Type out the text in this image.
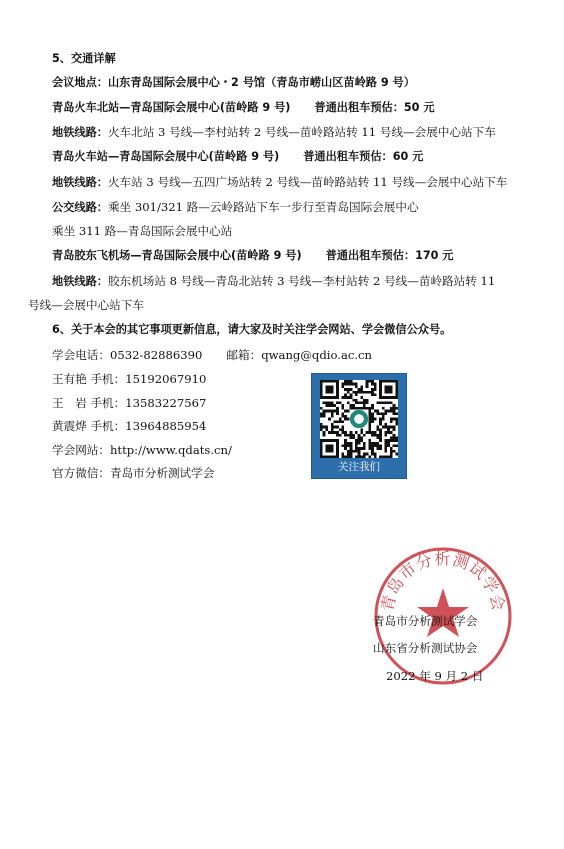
5、交通详解
会议地点：山东青岛国际会展中心・2 号馆（青岛市崂山区苗岭路 9 号）
青岛火车北站—青岛国际会展中心(苗岭路 9 号) 普通出租车预估：50 元
地铁线路：火车北站 3 号线—李村站转 2 号线—苗岭路站转 11 号线—会展中心站下车
青岛火车站—青岛国际会展中心(苗岭路 9 号) 普通出租车预估：60 元
地铁线路：火车站 3 号线—五四广场站转 2 号线—苗岭路站转 11 号线—会展中心站下车
公交线路：乘坐 301/321 路—云岭路站下车一步行至青岛国际会展中心
乘坐 311 路—青岛国际会展中心站
青岛胶东飞机场—青岛国际会展中心(苗岭路 9 号) 普通出租车预估：170 元
地铁线路：胶东机场站 8 号线—青岛北站转 3 号线—李村站转 2 号线—苗岭路站转 11
号线—会展中心站下车
6、关于本会的其它事项更新信息，请大家及时关注学会网站、学会微信公众号。
学会电话：0532-82886390 邮箱：qwang@qdio.ac.cn
王有艳 手机：15192067910
王　岩 手机：13583227567
黄震烨 手机：13964885954
学会网站：http://www.qdats.cn/
官方微信：青岛市分析测试学会	关注我们
青岛市分析测试学会
青岛市分析测试学会
山东省分析测试协会
2022 年 9 月 2 日
